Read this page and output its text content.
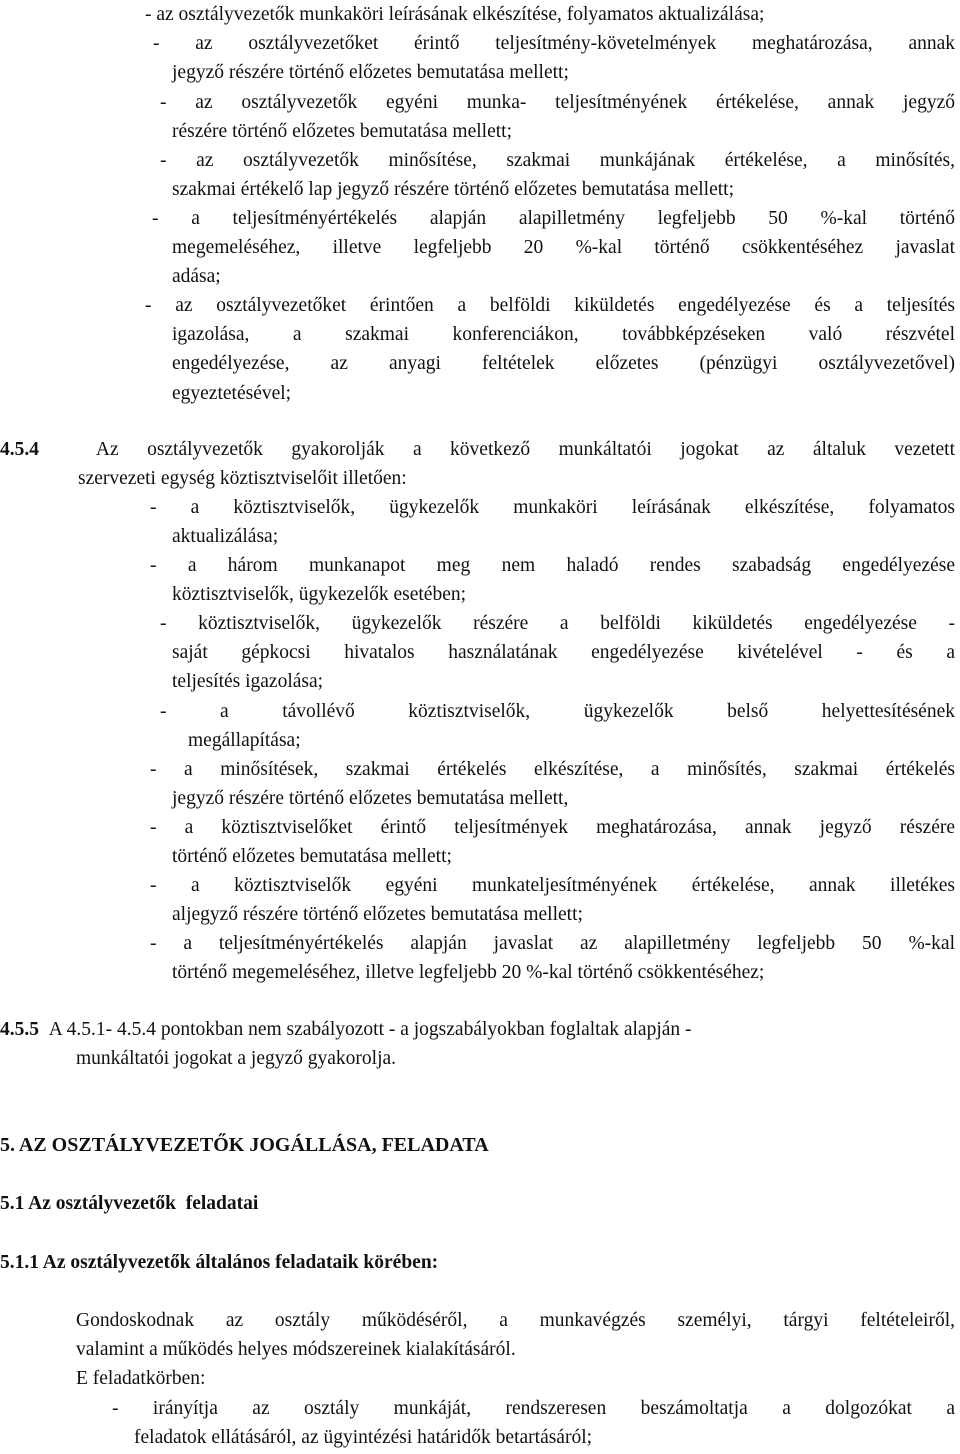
- az osztályvezetők munkaköri leírásának elkészítése, folyamatos aktualizálása;
- az osztályvezetőket érintő teljesítmény-követelmények meghatározása, annak
jegyző részére történő előzetes bemutatása mellett;
- az osztályvezetők egyéni munka- teljesítményének értékelése, annak jegyző
részére történő előzetes bemutatása mellett;
- az osztályvezetők minősítése, szakmai munkájának értékelése, a minősítés,
szakmai értékelő lap jegyző részére történő előzetes bemutatása mellett;
- a teljesítményértékelés alapján alapilletmény legfeljebb 50 %-kal történő
megemeléséhez, illetve legfeljebb 20 %-kal történő csökkentéséhez javaslat
adása;
- az osztályvezetőket érintően a belföldi kiküldetés engedélyezése és a teljesítés
igazolása, a szakmai konferenciákon, továbbképzéseken való részvétel
engedélyezése, az anyagi feltételek előzetes (pénzügyi osztályvezetővel)
egyeztetésével;
4.5.4	Az osztályvezetők gyakorolják a következő munkáltatói jogokat az általuk vezetett
szervezeti egység köztisztviselőit illetően:
- a köztisztviselők, ügykezelők munkaköri leírásának elkészítése, folyamatos
aktualizálása;
- a három munkanapot meg nem haladó rendes szabadság engedélyezése
köztisztviselők, ügykezelők esetében;
- köztisztviselők, ügykezelők részére a belföldi kiküldetés engedélyezése -
saját gépkocsi hivatalos használatának engedélyezése kivételével - és a
teljesítés igazolása;
- a távollévő köztisztviselők, ügykezelők belső helyettesítésének
megállapítása;
- a minősítések, szakmai értékelés elkészítése, a minősítés, szakmai értékelés
jegyző részére történő előzetes bemutatása mellett,
- a köztisztviselőket érintő teljesítmények meghatározása, annak jegyző részére
történő előzetes bemutatása mellett;
- a köztisztviselők egyéni munkateljesítményének értékelése, annak illetékes
aljegyző részére történő előzetes bemutatása mellett;
- a teljesítményértékelés alapján javaslat az alapilletmény legfeljebb 50 %-kal
történő megemeléséhez, illetve legfeljebb 20 %-kal történő csökkentéséhez;
4.5.5 A 4.5.1- 4.5.4 pontokban nem szabályozott - a jogszabályokban foglaltak alapján -
munkáltatói jogokat a jegyző gyakorolja.
5. AZ OSZTÁLYVEZETŐK JOGÁLLÁSA, FELADATA
5.1 Az osztályvezetők  feladatai
5.1.1 Az osztályvezetők általános feladataik körében:
Gondoskodnak az osztály működéséről, a munkavégzés személyi, tárgyi feltételeiről,
valamint a működés helyes módszereinek kialakításáról.
E feladatkörben:
- irányítja az osztály munkáját, rendszeresen beszámoltatja a dolgozókat a
feladatok ellátásáról, az ügyintézési határidők betartásáról;
